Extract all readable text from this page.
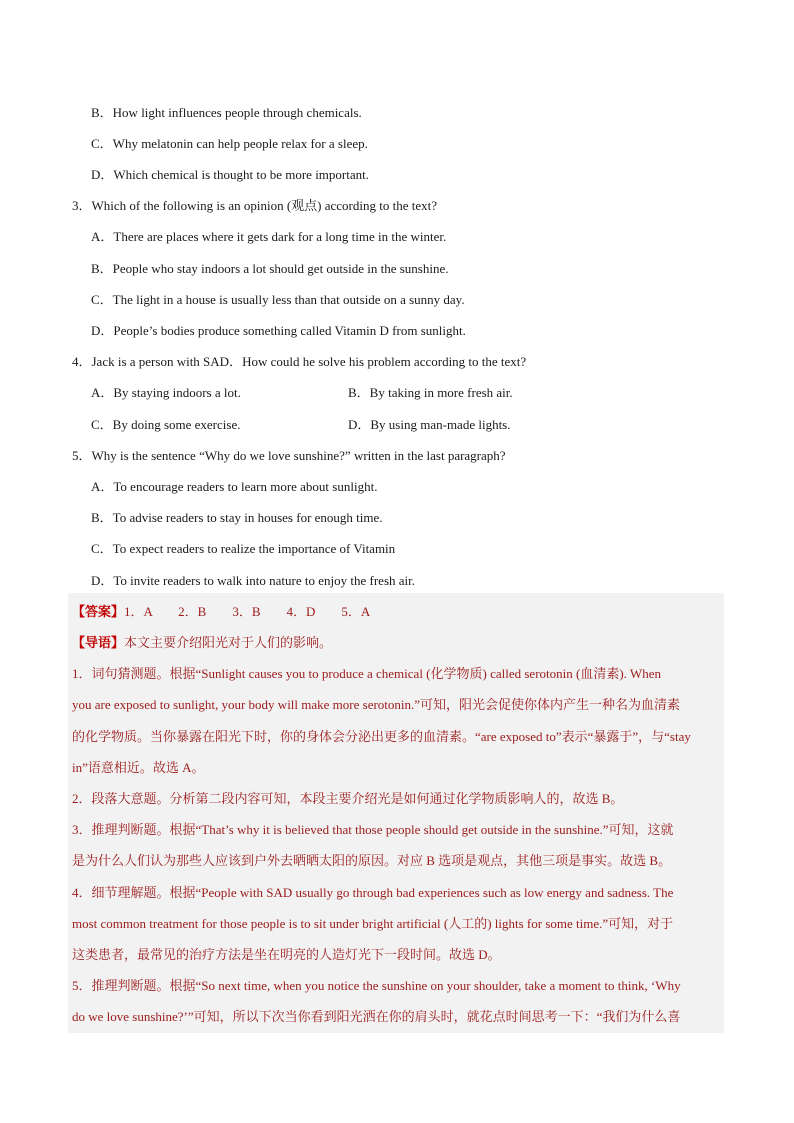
B．How light influences people through chemicals.
C．Why melatonin can help people relax for a sleep.
D．Which chemical is thought to be more important.
3．Which of the following is an opinion (观点) according to the text?
A．There are places where it gets dark for a long time in the winter.
B．People who stay indoors a lot should get outside in the sunshine.
C．The light in a house is usually less than that outside on a sunny day.
D．People’s bodies produce something called Vitamin D from sunlight.
4．Jack is a person with SAD．How could he solve his problem according to the text?
A．By staying indoors a lot.	B．By taking in more fresh air.
C．By doing some exercise.	D．By using man-made lights.
5．Why is the sentence “Why do we love sunshine?” written in the last paragraph?
A．To encourage readers to learn more about sunlight.
B．To advise readers to stay in houses for enough time.
C．To expect readers to realize the importance of Vitamin
D．To invite readers to walk into nature to enjoy the fresh air.
【答案】1．A　　2．B　　3．B　　4．D　　5．A
【导语】本文主要介绍阳光对于人们的影响。
1．词句猜测题。根据“Sunlight causes you to produce a chemical (化学物质) called serotonin (血清素). When
you are exposed to sunlight, your body will make more serotonin.”可知，阳光会促使你体内产生一种名为血清素
的化学物质。当你暴露在阳光下时，你的身体会分泌出更多的血清素。“are exposed to”表示“暴露于”，与“stay
in”语意相近。故选 A。
2．段落大意题。分析第二段内容可知，本段主要介绍光是如何通过化学物质影响人的，故选 B。
3．推理判断题。根据“That’s why it is believed that those people should get outside in the sunshine.”可知，这就
是为什么人们认为那些人应该到户外去晒晒太阳的原因。对应 B 选项是观点，其他三项是事实。故选 B。
4．细节理解题。根据“People with SAD usually go through bad experiences such as low energy and sadness. The
most common treatment for those people is to sit under bright artificial (人工的) lights for some time.”可知，对于
这类患者，最常见的治疗方法是坐在明亮的人造灯光下一段时间。故选 D。
5．推理判断题。根据“So next time, when you notice the sunshine on your shoulder, take a moment to think, ‘Why
do we love sunshine?’”可知，所以下次当你看到阳光洒在你的肩头时，就花点时间思考一下：“我们为什么喜
